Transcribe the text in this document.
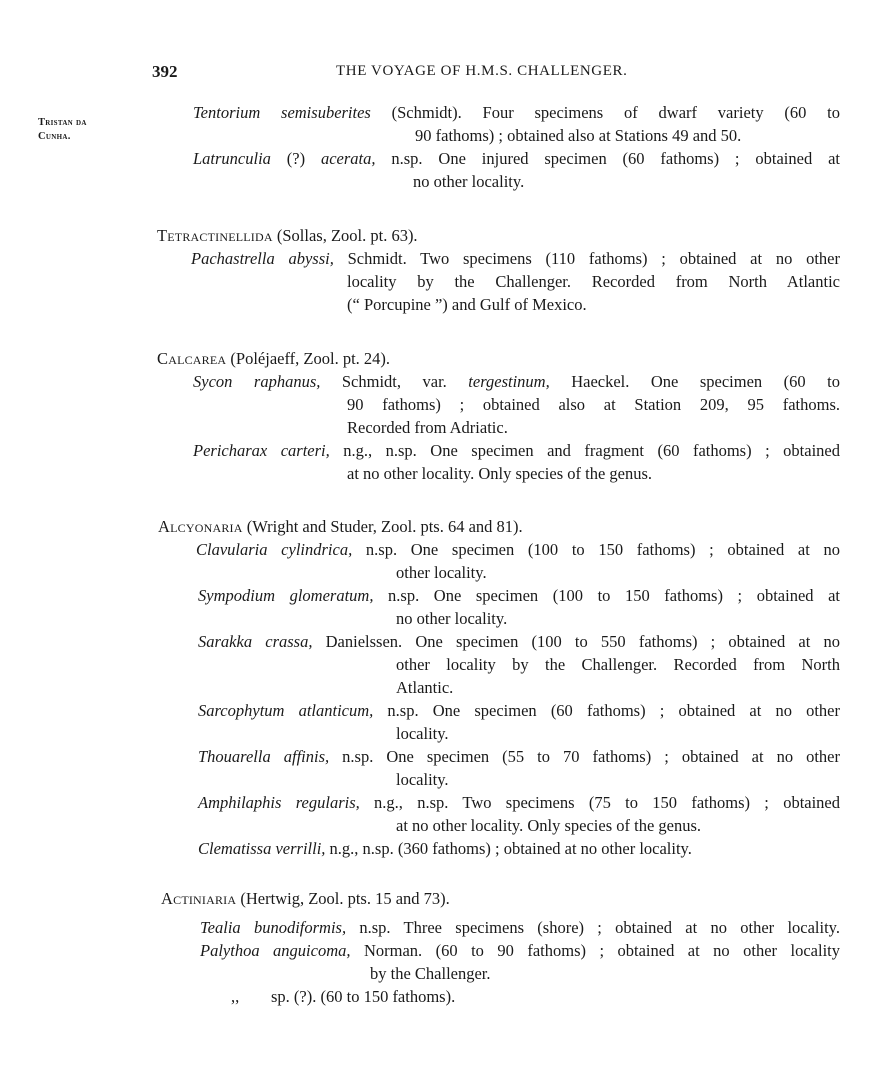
392	THE VOYAGE OF H.M.S. CHALLENGER.
Tristan da
Cunha.
Tentorium semisuberites (Schmidt). Four specimens of dwarf variety (60 to
90 fathoms) ; obtained also at Stations 49 and 50.
Latrunculia (?) acerata, n.sp. One injured specimen (60 fathoms) ; obtained at
no other locality.
Tetractinellida (Sollas, Zool. pt. 63).
Pachastrella abyssi, Schmidt. Two specimens (110 fathoms) ; obtained at no other
locality by the Challenger. Recorded from North Atlantic
(“ Porcupine ”) and Gulf of Mexico.
Calcarea (Poléjaeff, Zool. pt. 24).
Sycon raphanus, Schmidt, var. tergestinum, Haeckel. One specimen (60 to
90 fathoms) ; obtained also at Station 209, 95 fathoms.
Recorded from Adriatic.
Pericharax carteri, n.g., n.sp. One specimen and fragment (60 fathoms) ; obtained
at no other locality. Only species of the genus.
Alcyonaria (Wright and Studer, Zool. pts. 64 and 81).
Clavularia cylindrica, n.sp. One specimen (100 to 150 fathoms) ; obtained at no
other locality.
Sympodium glomeratum, n.sp. One specimen (100 to 150 fathoms) ; obtained at
no other locality.
Sarakka crassa, Danielssen. One specimen (100 to 550 fathoms) ; obtained at no
other locality by the Challenger. Recorded from North
Atlantic.
Sarcophytum atlanticum, n.sp. One specimen (60 fathoms) ; obtained at no other
locality.
Thouarella affinis, n.sp. One specimen (55 to 70 fathoms) ; obtained at no other
locality.
Amphilaphis regularis, n.g., n.sp. Two specimens (75 to 150 fathoms) ; obtained
at no other locality. Only species of the genus.
Clematissa verrilli, n.g., n.sp. (360 fathoms) ; obtained at no other locality.
Actiniaria (Hertwig, Zool. pts. 15 and 73).
Tealia bunodiformis, n.sp. Three specimens (shore) ; obtained at no other locality.
Palythoa anguicoma, Norman. (60 to 90 fathoms) ; obtained at no other locality
by the Challenger.
,, sp. (?). (60 to 150 fathoms).
